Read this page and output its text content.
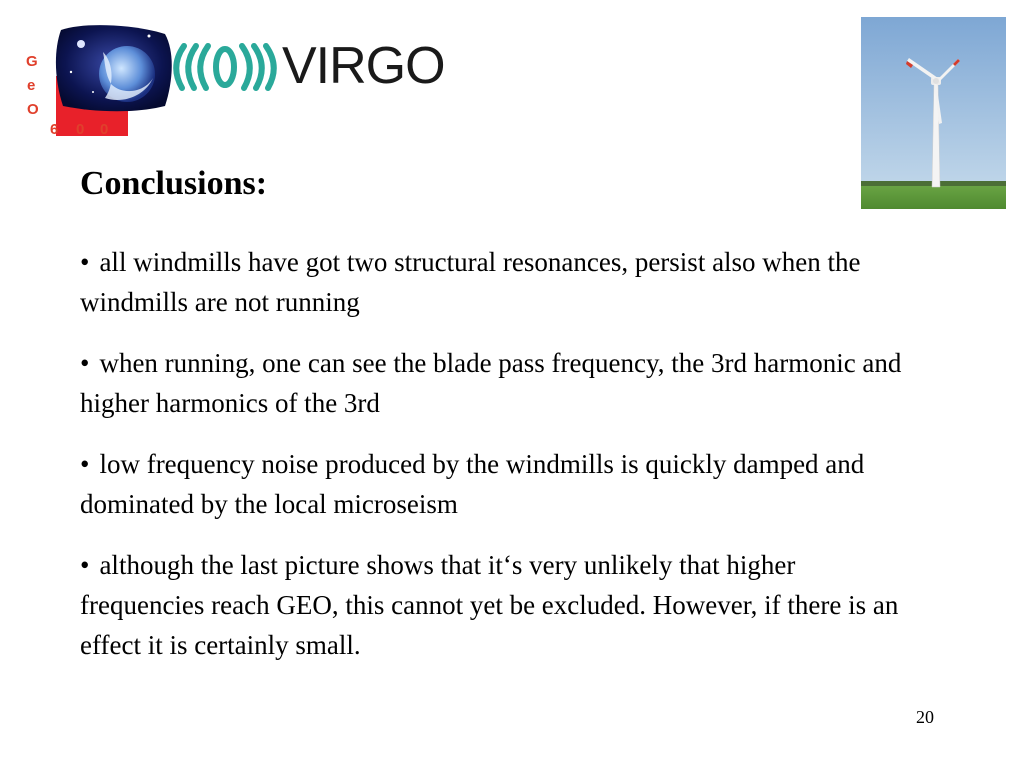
G
e
O
6 0 0
VIRGO
Conclusions:
• all windmills have got two structural resonances, persist also when the windmills are not running
• when running, one can see the blade pass frequency, the 3rd harmonic and higher harmonics of the 3rd
• low frequency noise produced by the windmills is quickly damped and dominated by the local microseism
• although the last picture shows that it‘s very unlikely that higher frequencies reach GEO, this cannot yet be excluded. However, if there is an effect it is certainly small.
20
